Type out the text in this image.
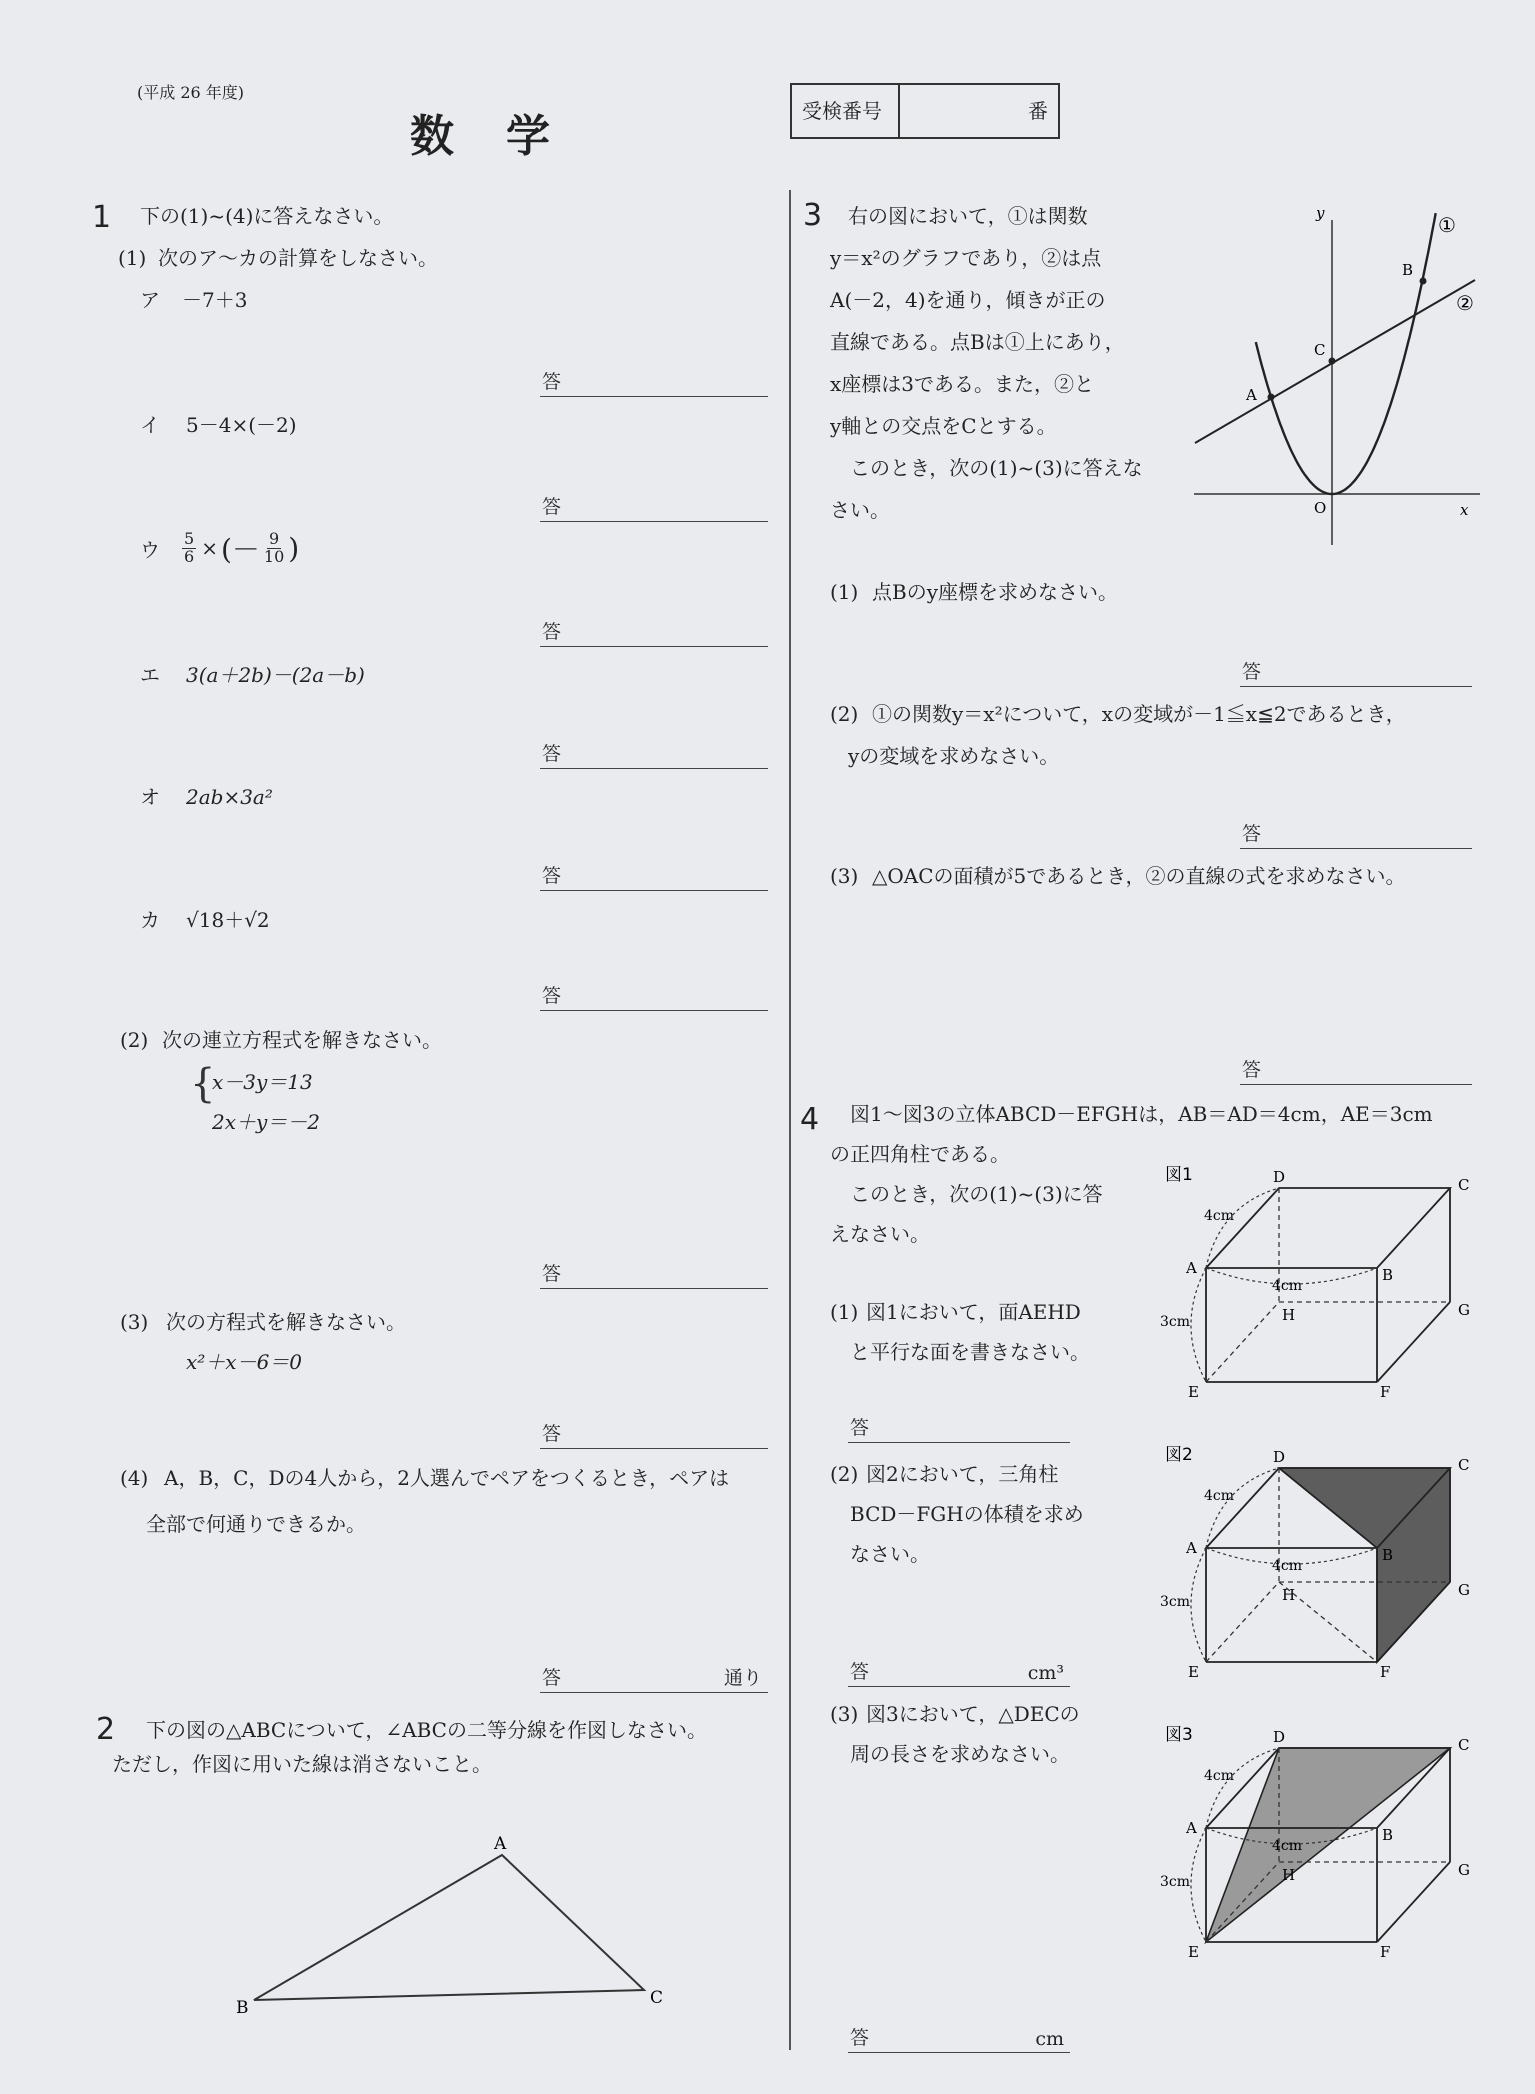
(平成 26 年度)
数　学	受検番号	番
1 下の(1)~(4)に答えなさい。
(1) 次のア～カの計算をしなさい。
ア －7＋3
答
イ 5－4×(－2)
答
ウ $\frac{5}{6}$ × (－ $\frac{9}{10}$ )
答
エ 3(a＋2b)－(2a－b)
答
オ 2ab×3a²
答
カ √18＋√2
答
(2) 次の連立方程式を解きなさい。
{
x－3y＝13
2x＋y＝－2
答
(3) 次の方程式を解きなさい。
x²＋x－6＝0
答
(4) A，B，C，Dの4人から，2人選んでペアをつくるとき，ペアは
全部で何通りできるか。
答	通り
2 下の図の△ABCについて，∠ABCの二等分線を作図しなさい。
ただし，作図に用いた線は消さないこと。
A
B	C
3 右の図において，①は関数
y＝x²のグラフであり，②は点
A(－2，4)を通り，傾きが正の
直線である。点Bは①上にあり，
x座標は3である。また，②と
y軸との交点をCとする。
　このとき，次の(1)~(3)に答えな
さい。
y
x
O
A
B
C
①
②
(1) 点Bのy座標を求めなさい。
答
(2) ①の関数y＝x²について，xの変域が－1≦x≦2であるとき，
yの変域を求めなさい。
答
(3) △OACの面積が5であるとき，②の直線の式を求めなさい。
答
4 図1～図3の立体ABCD－EFGHは，AB＝AD＝4cm，AE＝3cm
の正四角柱である。
このとき，次の(1)~(3)に答
えなさい。
(1) 図1において，面AEHD
と平行な面を書きなさい。
答
(2) 図2において，三角柱
BCD－FGHの体積を求め
なさい。
答	cm³
(3) 図3において，△DECの
周の長さを求めなさい。
答	cm
図1
A
D	C
B
G
H
E	F
4cm
4cm
3cm
図2
A
D	C
B
G
H
E	F
4cm
4cm
3cm
図3
A
D	C
B
G
H
E	F
4cm
4cm
3cm
